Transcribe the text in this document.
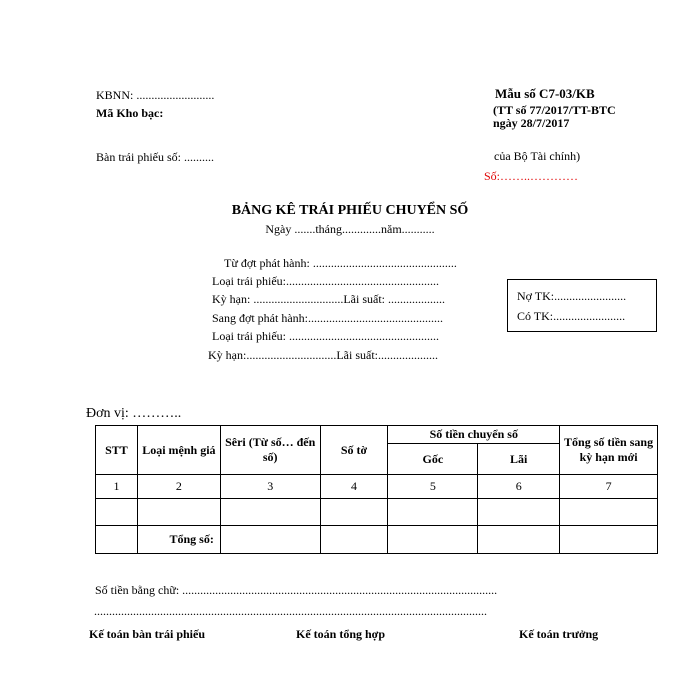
KBNN: ..........................
Mã Kho bạc:
Bàn trái phiếu số: ..........
Mẫu số C7-03/KB
(TT số 77/2017/TT-BTC ngày 28/7/2017
của Bộ Tài chính)
Số:……..…………
BẢNG KÊ TRÁI PHIẾU CHUYỂN SỐ
Ngày .......tháng.............năm...........
Từ đợt phát hành: ................................................
Loại trái phiếu:...................................................
Kỳ hạn: ..............................Lãi suất: ...................
Sang đợt phát hành:.............................................
Loại trái phiếu: ..................................................
Kỳ hạn:..............................Lãi suất:....................
Nợ TK:........................
Có TK:........................
Đơn vị: ………..
STT	Loại mệnh giá	Sêri (Từ số… đến số)	Số tờ	Số tiền chuyển số		Tổng số tiền sang kỳ hạn mới
				Gốc	Lãi	
1	2	3	4	5	6	7

	Tổng số:					
Số tiền bằng chữ: .........................................................................................................
...................................................................................................................................
Kế toán bàn trái phiếu	Kế toán tổng hợp	Kế toán trưởng
